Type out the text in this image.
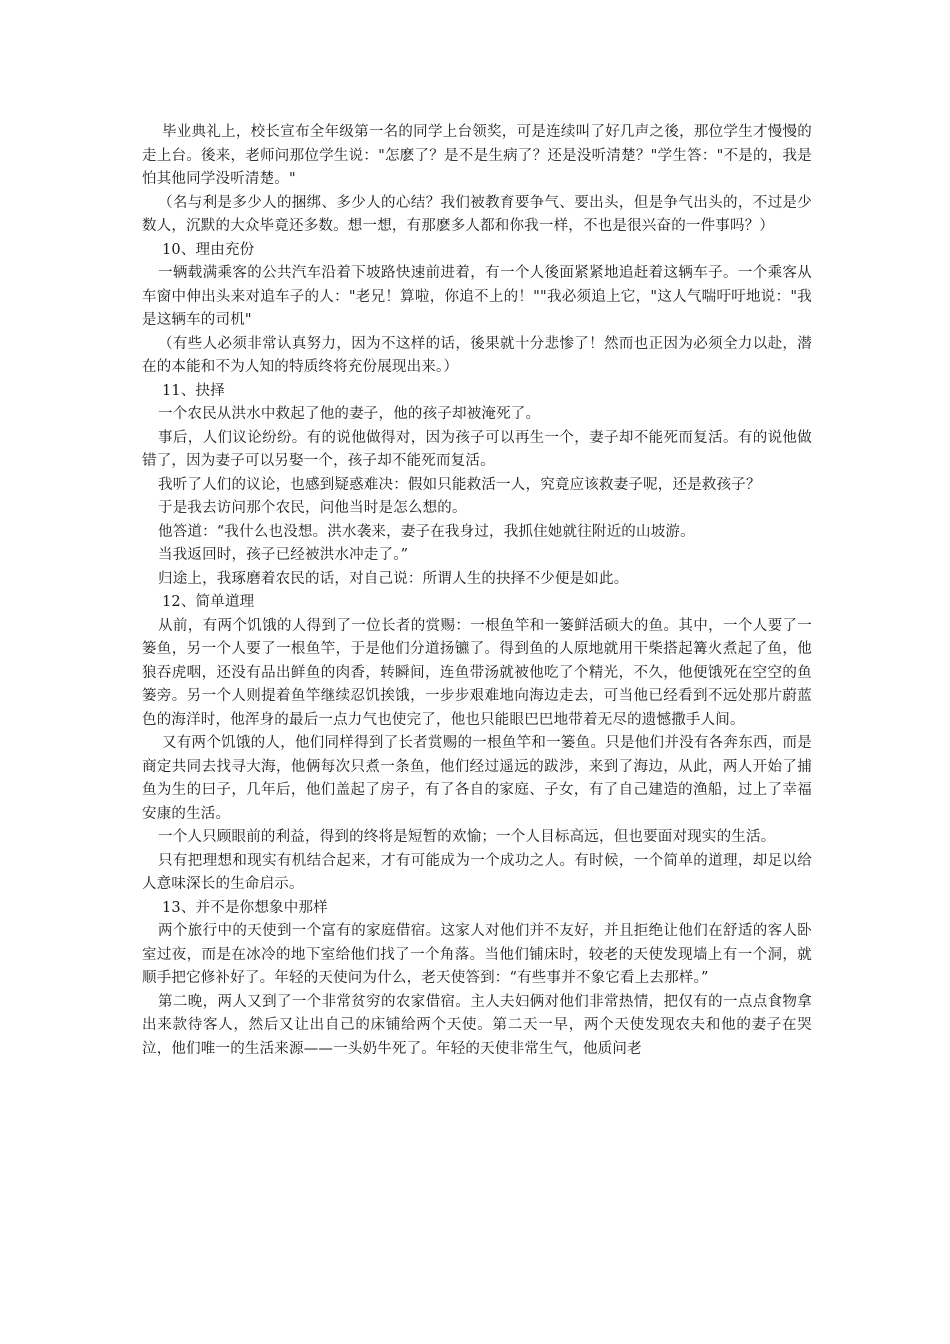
毕业典礼上，校长宣布全年级第一名的同学上台领奖，可是连续叫了好几声之後，那位学生才慢慢的走上台。後来，老师问那位学生说："怎麽了？是不是生病了？还是没听清楚？"学生答："不是的，我是怕其他同学没听清楚。"

（名与利是多少人的捆绑、多少人的心结？我们被教育要争气、要出头，但是争气出头的，不过是少数人，沉默的大众毕竟还多数。想一想，有那麽多人都和你我一样，不也是很兴奋的一件事吗？）

10、理由充份

一辆载满乘客的公共汽车沿着下坡路快速前进着，有一个人後面紧紧地追赶着这辆车子。一个乘客从车窗中伸出头来对追车子的人："老兄！算啦，你追不上的！""我必须追上它，"这人气喘吁吁地说："我是这辆车的司机"

（有些人必须非常认真努力，因为不这样的话，後果就十分悲惨了！然而也正因为必须全力以赴，潜在的本能和不为人知的特质终将充份展现出来。）

11、抉择

一个农民从洪水中救起了他的妻子，他的孩子却被淹死了。

事后，人们议论纷纷。有的说他做得对，因为孩子可以再生一个，妻子却不能死而复活。有的说他做错了，因为妻子可以另娶一个，孩子却不能死而复活。

我听了人们的议论，也感到疑惑难决：假如只能救活一人，究竟应该救妻子呢，还是救孩子？

于是我去访问那个农民，问他当时是怎么想的。

他答道：“我什么也没想。洪水袭来，妻子在我身过，我抓住她就往附近的山坡游。

当我返回时，孩子已经被洪水冲走了。”

归途上，我琢磨着农民的话，对自己说：所谓人生的抉择不少便是如此。

12、简单道理

从前，有两个饥饿的人得到了一位长者的赏赐：一根鱼竿和一篓鲜活硕大的鱼。其中，一个人要了一篓鱼，另一个人要了一根鱼竿，于是他们分道扬镳了。得到鱼的人原地就用干柴搭起篝火煮起了鱼，他狼吞虎咽，还没有品出鲜鱼的肉香，转瞬间，连鱼带汤就被他吃了个精光，不久，他便饿死在空空的鱼篓旁。另一个人则提着鱼竿继续忍饥挨饿，一步步艰难地向海边走去，可当他已经看到不远处那片蔚蓝色的海洋时，他浑身的最后一点力气也使完了，他也只能眼巴巴地带着无尽的遗憾撒手人间。

又有两个饥饿的人，他们同样得到了长者赏赐的一根鱼竿和一篓鱼。只是他们并没有各奔东西，而是商定共同去找寻大海，他俩每次只煮一条鱼，他们经过遥远的跋涉，来到了海边，从此，两人开始了捕鱼为生的曰子，几年后，他们盖起了房子，有了各自的家庭、子女，有了自己建造的渔船，过上了幸福安康的生活。

一个人只顾眼前的利益，得到的终将是短暂的欢愉；一个人目标高远，但也要面对现实的生活。

只有把理想和现实有机结合起来，才有可能成为一个成功之人。有时候，一个简单的道理，却足以给人意味深长的生命启示。

13、并不是你想象中那样

两个旅行中的天使到一个富有的家庭借宿。这家人对他们并不友好，并且拒绝让他们在舒适的客人卧室过夜，而是在冰冷的地下室给他们找了一个角落。当他们铺床时，较老的天使发现墙上有一个洞，就顺手把它修补好了。年轻的天使问为什么，老天使答到：“有些事并不象它看上去那样。”

第二晚，两人又到了一个非常贫穷的农家借宿。主人夫妇俩对他们非常热情，把仅有的一点点食物拿出来款待客人，然后又让出自己的床铺给两个天使。第二天一早，两个天使发现农夫和他的妻子在哭泣，他们唯一的生活来源——一头奶牛死了。年轻的天使非常生气，他质问老
